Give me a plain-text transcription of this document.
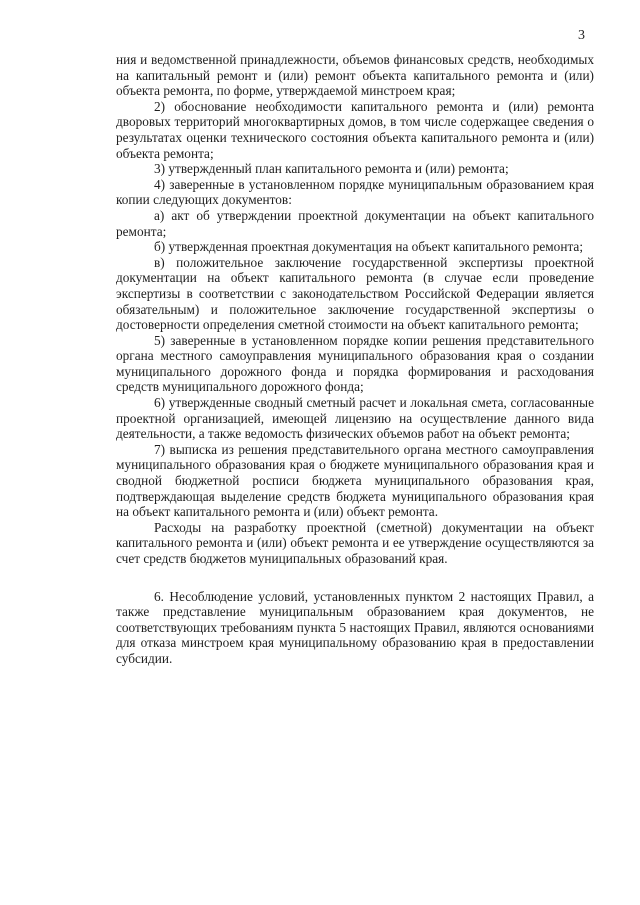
3

ния и ведомственной принадлежности, объемов финансовых средств, необходимых на капитальный ремонт и (или) ремонт объекта капитального ремонта и (или) объекта ремонта, по форме, утверждаемой минстроем края;

2) обоснование необходимости капитального ремонта и (или) ремонта дворовых территорий многоквартирных домов, в том числе содержащее сведения о результатах оценки технического состояния объекта капитального ремонта и (или) объекта ремонта;

3) утвержденный план капитального ремонта и (или) ремонта;

4) заверенные в установленном порядке муниципальным образованием края копии следующих документов:

а) акт об утверждении проектной документации на объект капитального ремонта;

б) утвержденная проектная документация на объект капитального ремонта;

в) положительное заключение государственной экспертизы проектной документации на объект капитального ремонта (в случае если проведение экспертизы в соответствии с законодательством Российской Федерации является обязательным) и положительное заключение государственной экспертизы о достоверности определения сметной стоимости на объект капитального ремонта;

5) заверенные в установленном порядке копии решения представительного органа местного самоуправления муниципального образования края о создании муниципального дорожного фонда и порядка формирования и расходования средств муниципального дорожного фонда;

6) утвержденные сводный сметный расчет и локальная смета, согласованные проектной организацией, имеющей лицензию на осуществление данного вида деятельности, а также ведомость физических объемов работ на объект ремонта;

7) выписка из решения представительного органа местного самоуправления муниципального образования края о бюджете муниципального образования края и сводной бюджетной росписи бюджета муниципального образования края, подтверждающая выделение средств бюджета муниципального образования края на объект капитального ремонта и (или) объект ремонта.

Расходы на разработку проектной (сметной) документации на объект капитального ремонта и (или) объект ремонта и ее утверждение осуществляются за счет средств бюджетов муниципальных образований края.

6. Несоблюдение условий, установленных пунктом 2 настоящих Правил, а также представление муниципальным образованием края документов, не соответствующих требованиям пункта 5 настоящих Правил, являются основаниями для отказа минстроем края муниципальному образованию края в предоставлении субсидии.
